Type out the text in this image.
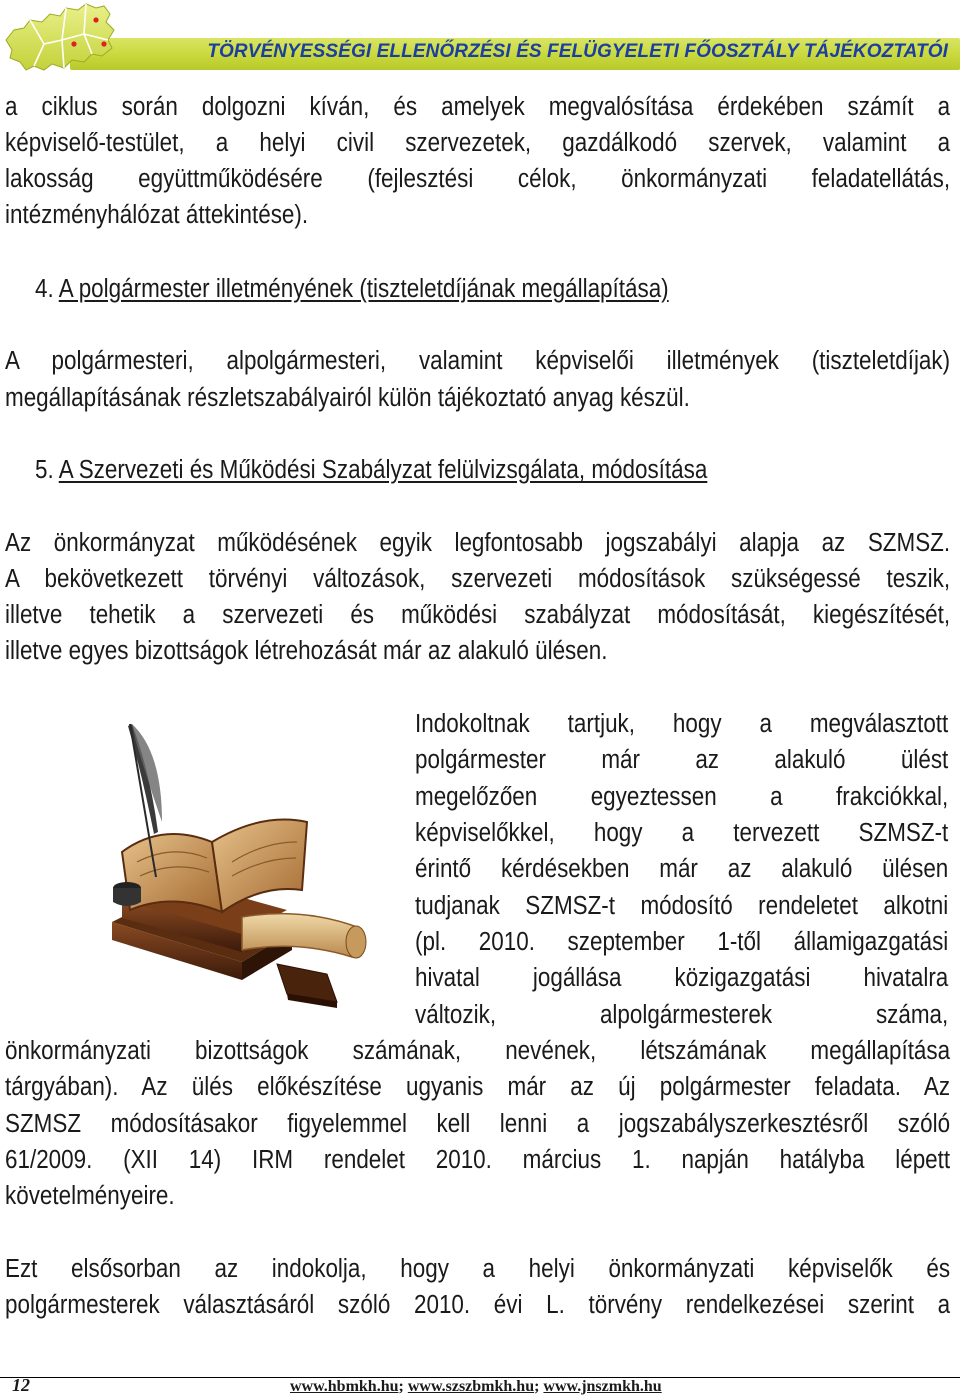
TÖRVÉNYESSÉGI ELLENŐRZÉSI ÉS FELÜGYELETI FŐOSZTÁLY TÁJÉKOZTATÓI
a ciklus során dolgozni kíván, és amelyek megvalósítása érdekében számít a
képviselő-testület, a helyi civil szervezetek, gazdálkodó szervek, valamint a
lakosság együttműködésére (fejlesztési célok, önkormányzati feladatellátás,
intézményhálózat áttekintése).
4. A polgármester illetményének (tiszteletdíjának megállapítása)
A polgármesteri, alpolgármesteri, valamint képviselői illetmények (tiszteletdíjak)
megállapításának részletszabályairól külön tájékoztató anyag készül.
5. A Szervezeti és Működési Szabályzat felülvizsgálata, módosítása
Az önkormányzat működésének egyik legfontosabb jogszabályi alapja az SZMSZ.
A bekövetkezett törvényi változások, szervezeti módosítások szükségessé teszik,
illetve tehetik a szervezeti és működési szabályzat módosítását, kiegészítését,
illetve egyes bizottságok létrehozását már az alakuló ülésen.
Indokoltnak tartjuk, hogy a megválasztott
polgármester már az alakuló ülést
megelőzően egyeztessen a frakciókkal,
képviselőkkel, hogy a tervezett SZMSZ-t
érintő kérdésekben már az alakuló ülésen
tudjanak SZMSZ-t módosító rendeletet alkotni
(pl. 2010. szeptember 1-től államigazgatási
hivatal jogállása közigazgatási hivatalra
változik, alpolgármesterek száma,
önkormányzati bizottságok számának, nevének, létszámának megállapítása
tárgyában). Az ülés előkészítése ugyanis már az új polgármester feladata. Az
SZMSZ módosításakor figyelemmel kell lenni a jogszabályszerkesztésről szóló
61/2009. (XII 14) IRM rendelet 2010. március 1. napján hatályba lépett
követelményeire.
Ezt elsősorban az indokolja, hogy a helyi önkormányzati képviselők és
polgármesterek választásáról szóló 2010. évi L. törvény rendelkezései szerint a
12	www.hbmkh.hu; www.szszbmkh.hu; www.jnszmkh.hu
